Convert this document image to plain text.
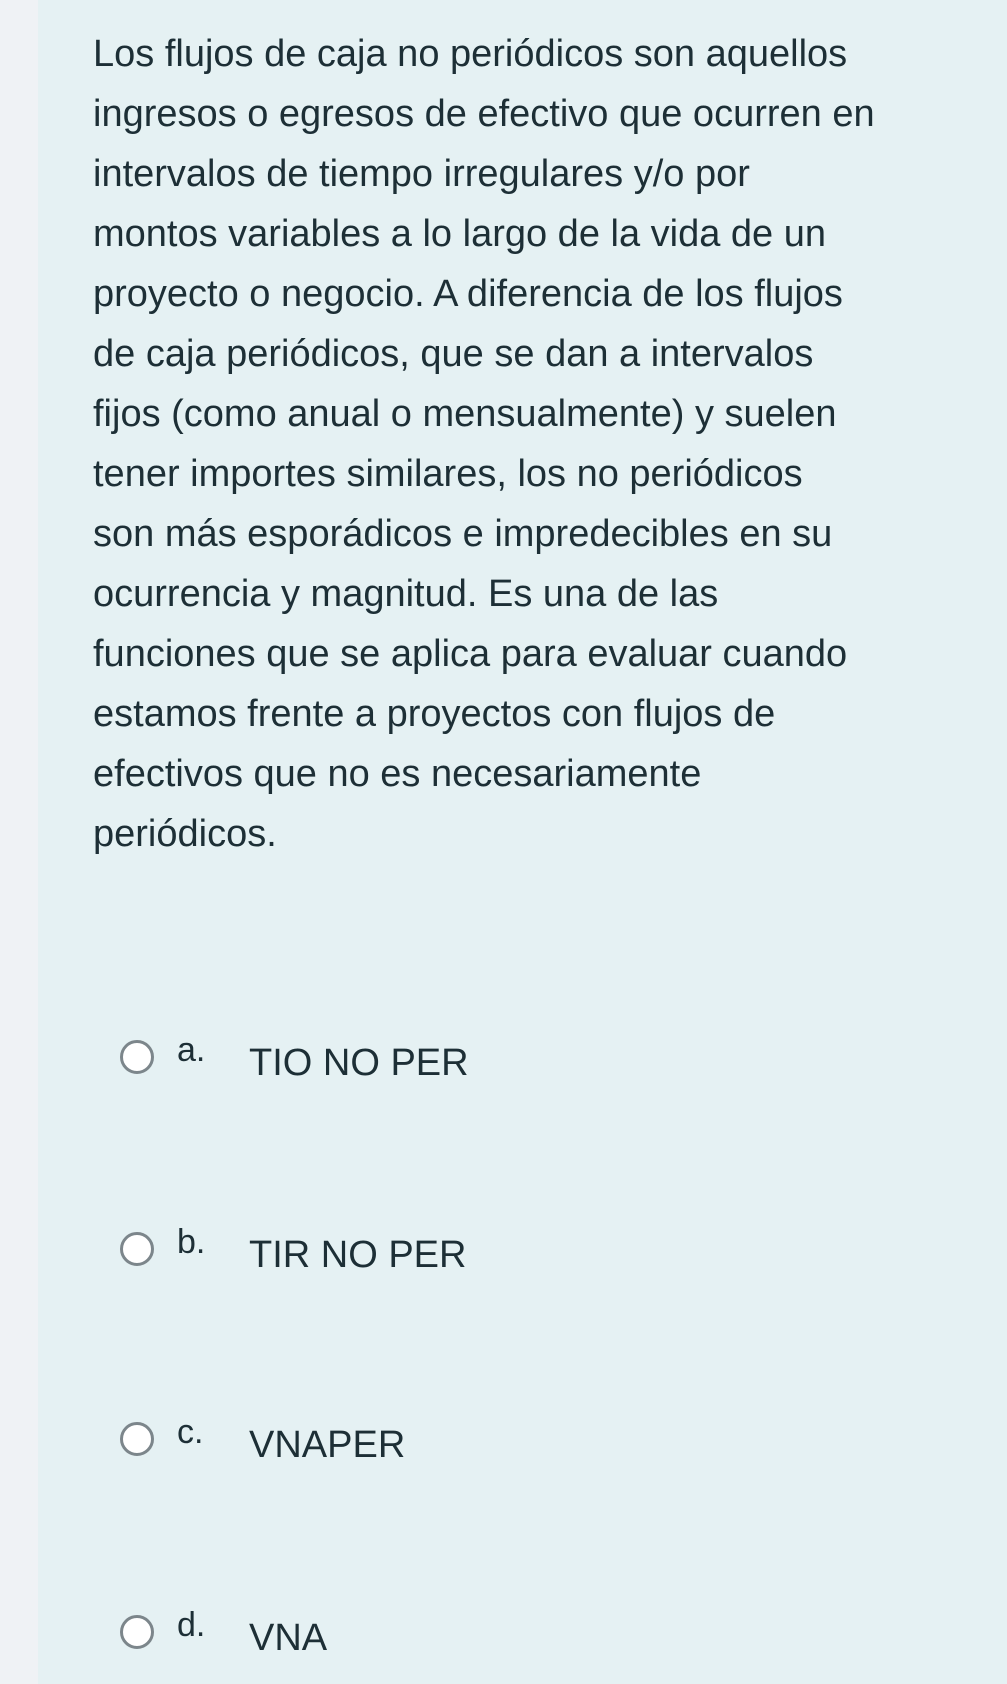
Los flujos de caja no periódicos son aquellos
ingresos o egresos de efectivo que ocurren en
intervalos de tiempo irregulares y/o por
montos variables a lo largo de la vida de un
proyecto o negocio. A diferencia de los flujos
de caja periódicos, que se dan a intervalos
fijos (como anual o mensualmente) y suelen
tener importes similares, los no periódicos
son más esporádicos e impredecibles en su
ocurrencia y magnitud. Es una de las
funciones que se aplica para evaluar cuando
estamos frente a proyectos con flujos de
efectivos que no es necesariamente
periódicos.
a.	TIO NO PER
b.	TIR NO PER
c.	VNAPER
d.	VNA
